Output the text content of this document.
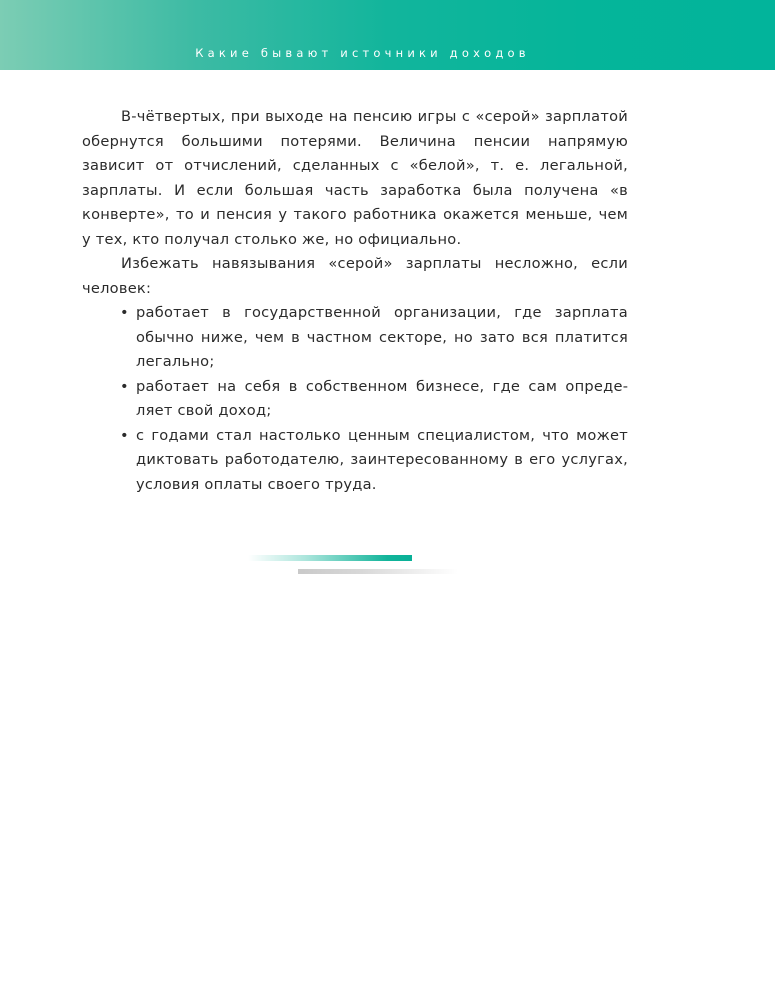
Какие бывают источники доходов

В-чётвертых, при выходе на пенсию игры с «серой» зарплатой обернутся большими потерями. Величина пенсии напрямую зависит от отчислений, сделанных с «белой», т. е. легальной, зарплаты. И если большая часть заработка была получена «в конверте», то и пенсия у такого работника окажется меньше, чем у тех, кто получал столько же, но официально.

Избежать навязывания «серой» зарплаты несложно, если человек:

• работает в государственной организации, где зарплата обычно ниже, чем в частном секторе, но зато вся платится легально;
• работает на себя в собственном бизнесе, где сам определяет свой доход;
• с годами стал настолько ценным специалистом, что может диктовать работодателю, заинтересованному в его услугах, условия оплаты своего труда.
